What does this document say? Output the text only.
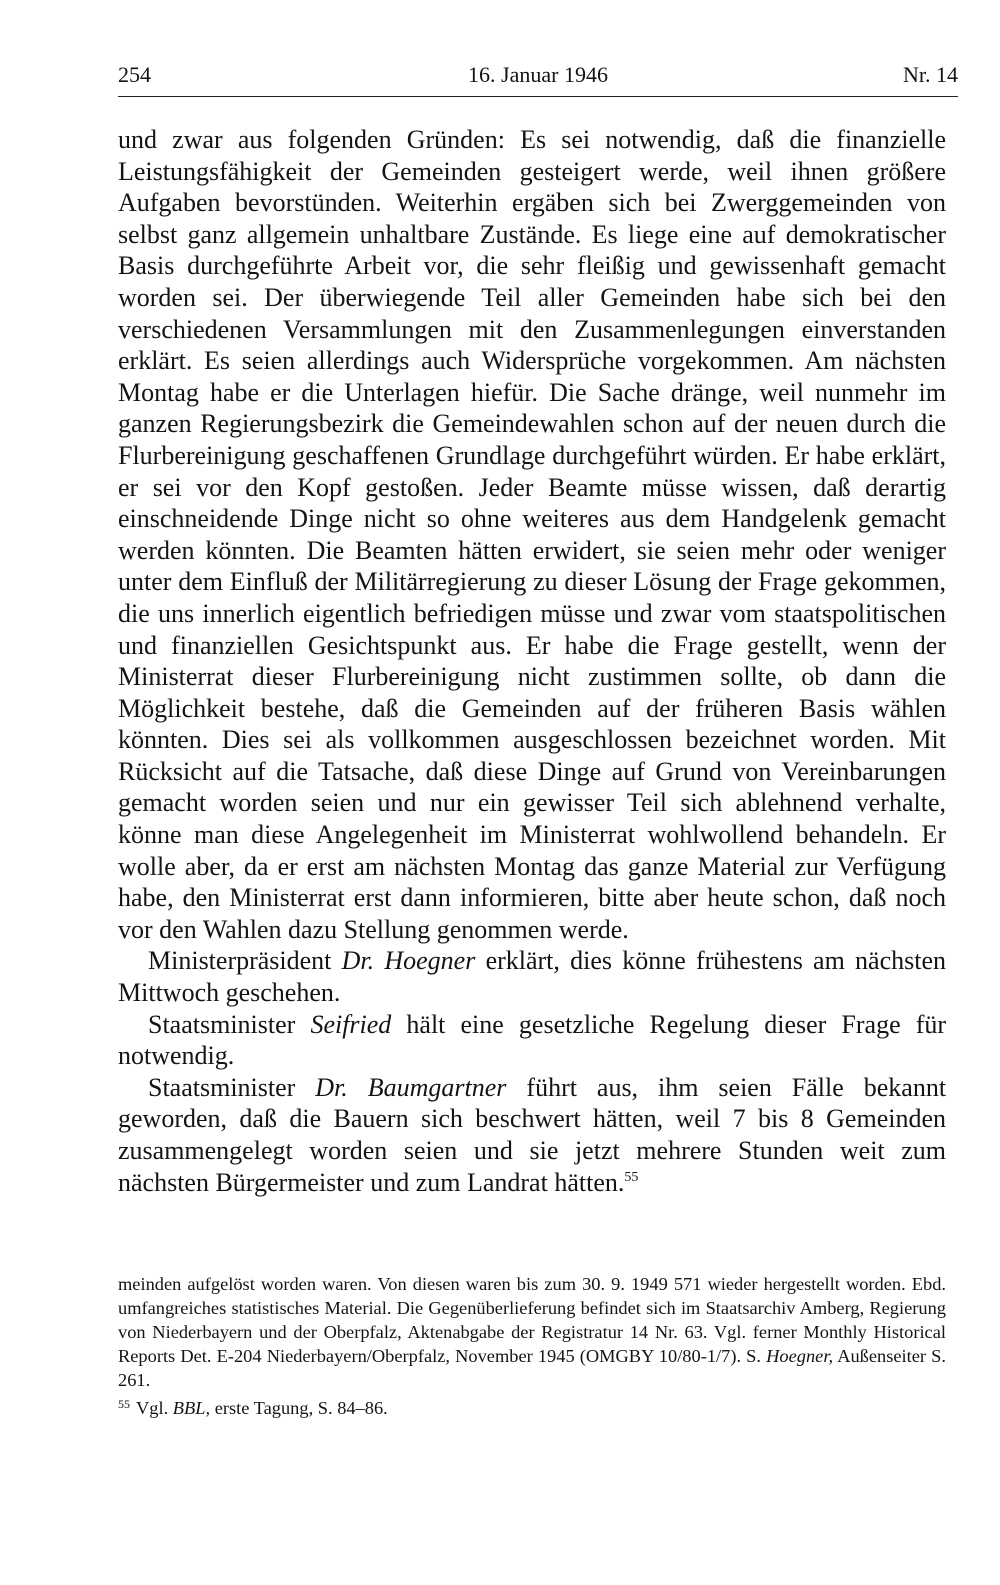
254	16. Januar 1946	Nr. 14

und zwar aus folgenden Gründen: Es sei notwendig, daß die finanzielle Leistungsfähigkeit der Gemeinden gesteigert werde, weil ihnen größere Aufgaben bevorstünden. Weiterhin ergäben sich bei Zwerggemeinden von selbst ganz allgemein unhaltbare Zustände. Es liege eine auf demokratischer Basis durchgeführte Arbeit vor, die sehr fleißig und gewissenhaft gemacht worden sei. Der überwiegende Teil aller Gemeinden habe sich bei den verschiedenen Versammlungen mit den Zusammenlegungen einverstanden erklärt. Es seien allerdings auch Widersprüche vorgekommen. Am nächsten Montag habe er die Unterlagen hiefür. Die Sache dränge, weil nunmehr im ganzen Regierungsbezirk die Gemeindewahlen schon auf der neuen durch die Flurbereinigung geschaffenen Grundlage durchgeführt würden. Er habe erklärt, er sei vor den Kopf gestoßen. Jeder Beamte müsse wissen, daß derartig einschneidende Dinge nicht so ohne weiteres aus dem Handgelenk gemacht werden könnten. Die Beamten hätten erwidert, sie seien mehr oder weniger unter dem Einfluß der Militärregierung zu dieser Lösung der Frage gekommen, die uns innerlich eigentlich befriedigen müsse und zwar vom staatspolitischen und finanziellen Gesichtspunkt aus. Er habe die Frage gestellt, wenn der Ministerrat dieser Flurbereinigung nicht zustimmen sollte, ob dann die Möglichkeit bestehe, daß die Gemeinden auf der früheren Basis wählen könnten. Dies sei als vollkommen ausgeschlossen bezeichnet worden. Mit Rücksicht auf die Tatsache, daß diese Dinge auf Grund von Vereinbarungen gemacht worden seien und nur ein gewisser Teil sich ablehnend verhalte, könne man diese Angelegenheit im Ministerrat wohlwollend behandeln. Er wolle aber, da er erst am nächsten Montag das ganze Material zur Verfügung habe, den Ministerrat erst dann informieren, bitte aber heute schon, daß noch vor den Wahlen dazu Stellung genommen werde.

Ministerpräsident Dr. Hoegner erklärt, dies könne frühestens am nächsten Mittwoch geschehen.

Staatsminister Seifried hält eine gesetzliche Regelung dieser Frage für notwendig.

Staatsminister Dr. Baumgartner führt aus, ihm seien Fälle bekannt geworden, daß die Bauern sich beschwert hätten, weil 7 bis 8 Gemeinden zusammengelegt worden seien und sie jetzt mehrere Stunden weit zum nächsten Bürgermeister und zum Landrat hätten.$^{55}$

meinden aufgelöst worden waren. Von diesen waren bis zum 30. 9. 1949 571 wieder hergestellt worden. Ebd. umfangreiches statistisches Material. Die Gegenüberlieferung befindet sich im Staatsarchiv Amberg, Regierung von Niederbayern und der Oberpfalz, Aktenabgabe der Registratur 14 Nr. 63. Vgl. ferner Monthly Historical Reports Det. E-204 Niederbayern/Oberpfalz, November 1945 (OMGBY 10/80-1/7). S. Hoegner, Außenseiter S. 261.

$^{55}$ Vgl. BBL, erste Tagung, S. 84–86.
